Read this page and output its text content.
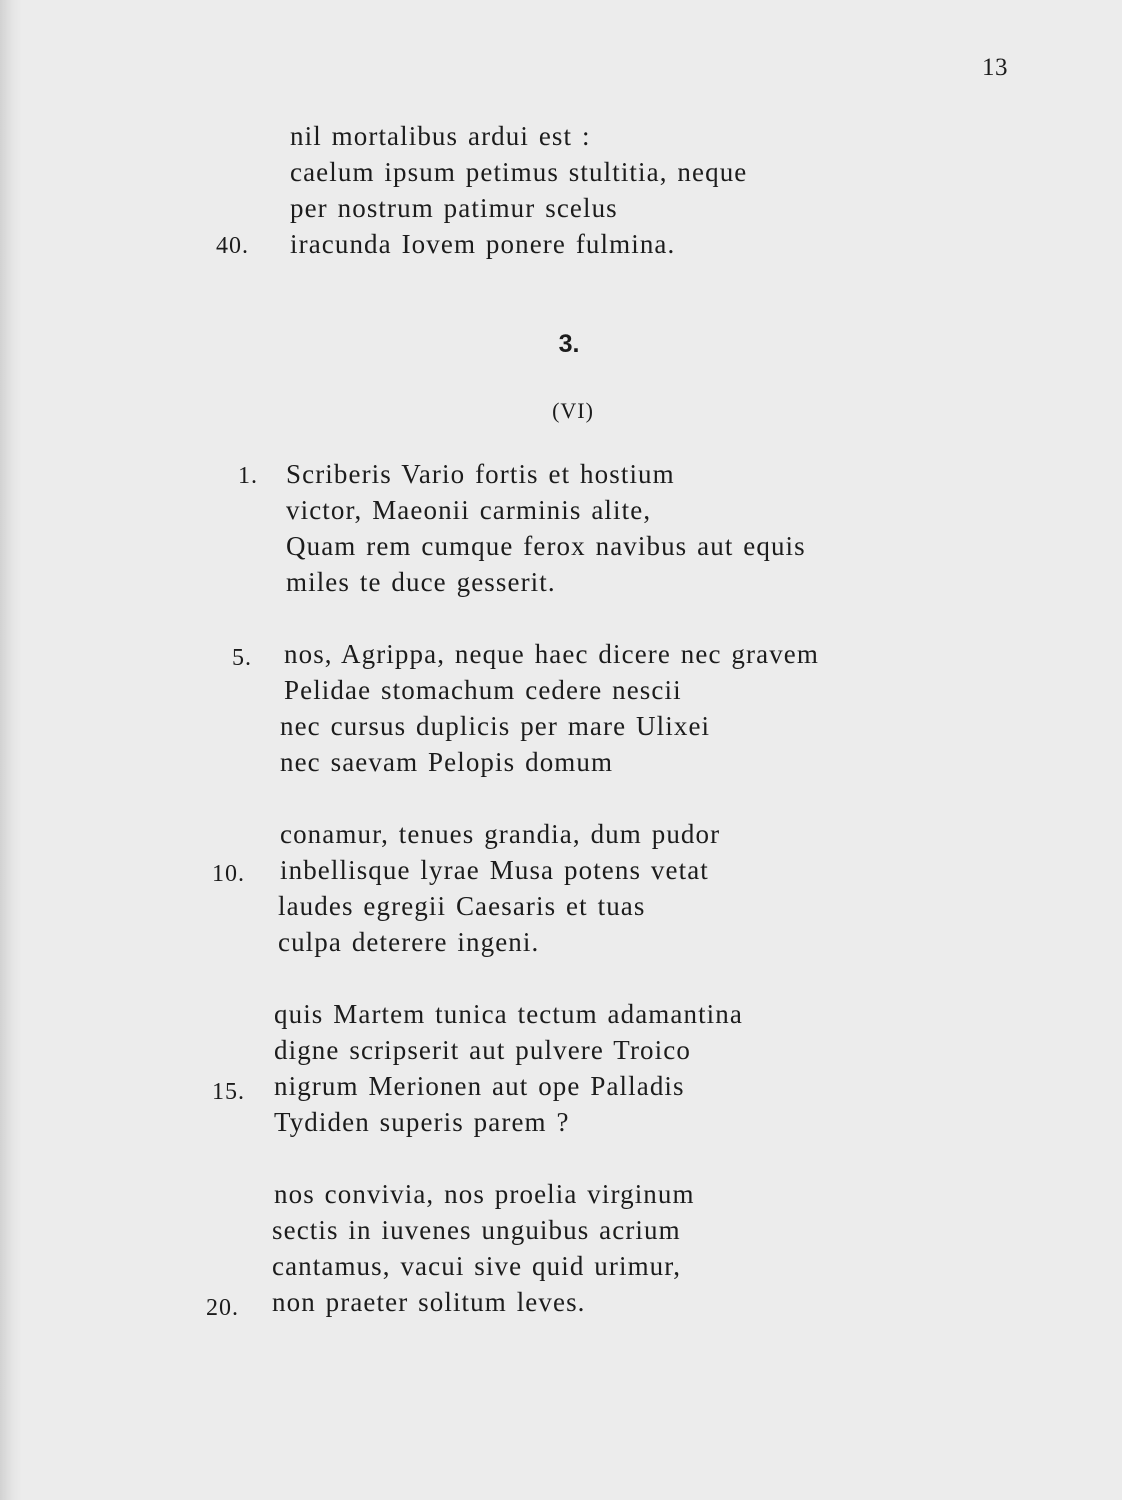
13
nil mortalibus ardui est :
caelum ipsum petimus stultitia, neque
per nostrum patimur scelus
40. iracunda Iovem ponere fulmina.
3.
(VI)
1. Scriberis Vario fortis et hostium
victor, Maeonii carminis alite,
Quam rem cumque ferox navibus aut equis
miles te duce gesserit.
5. nos, Agrippa, neque haec dicere nec gravem
Pelidae stomachum cedere nescii
nec cursus duplicis per mare Ulixei
nec saevam Pelopis domum
conamur, tenues grandia, dum pudor
10. inbellisque lyrae Musa potens vetat
laudes egregii Caesaris et tuas
culpa deterere ingeni.
quis Martem tunica tectum adamantina
digne scripserit aut pulvere Troico
15. nigrum Merionen aut ope Palladis
Tydiden superis parem ?
nos convivia, nos proelia virginum
sectis in iuvenes unguibus acrium
cantamus, vacui sive quid urimur,
20. non praeter solitum leves.
